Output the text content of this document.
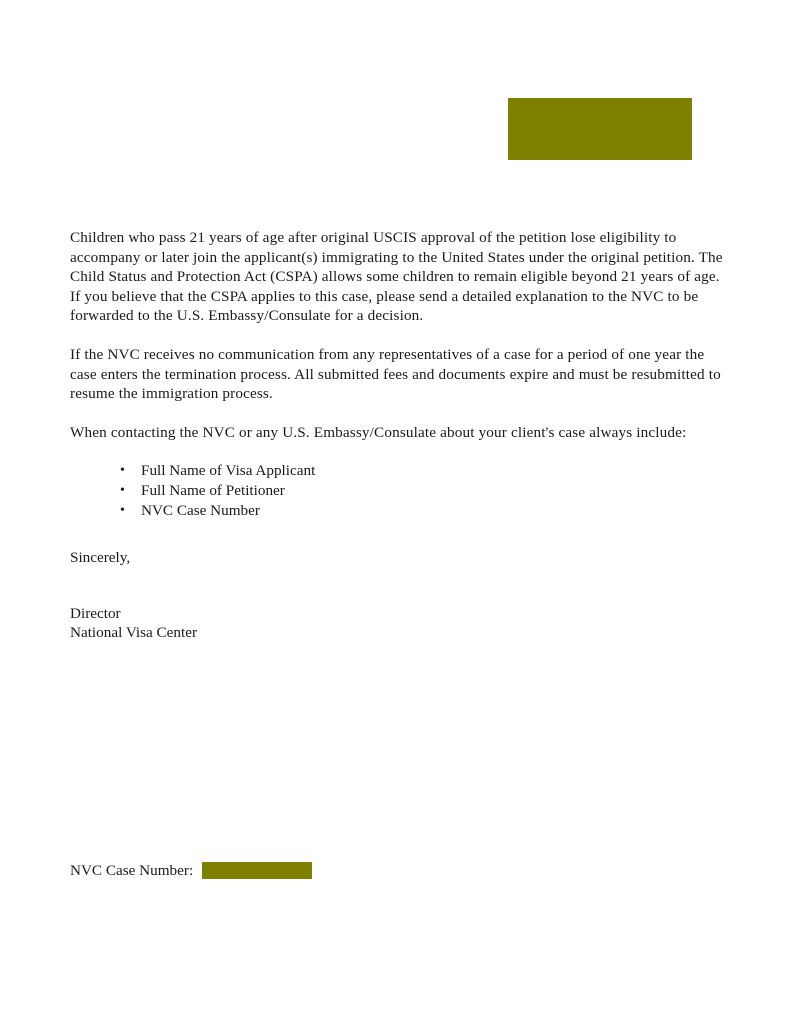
Children who pass 21 years of age after original USCIS approval of the petition lose eligibility to accompany or later join the applicant(s) immigrating to the United States under the original petition. The Child Status and Protection Act (CSPA) allows some children to remain eligible beyond 21 years of age. If you believe that the CSPA applies to this case, please send a detailed explanation to the NVC to be forwarded to the U.S. Embassy/Consulate for a decision.

If the NVC receives no communication from any representatives of a case for a period of one year the case enters the termination process. All submitted fees and documents expire and must be resubmitted to resume the immigration process.

When contacting the NVC or any U.S. Embassy/Consulate about your client's case always include:

• Full Name of Visa Applicant
• Full Name of Petitioner
• NVC Case Number

Sincerely,

Director

National Visa Center

NVC Case Number:
